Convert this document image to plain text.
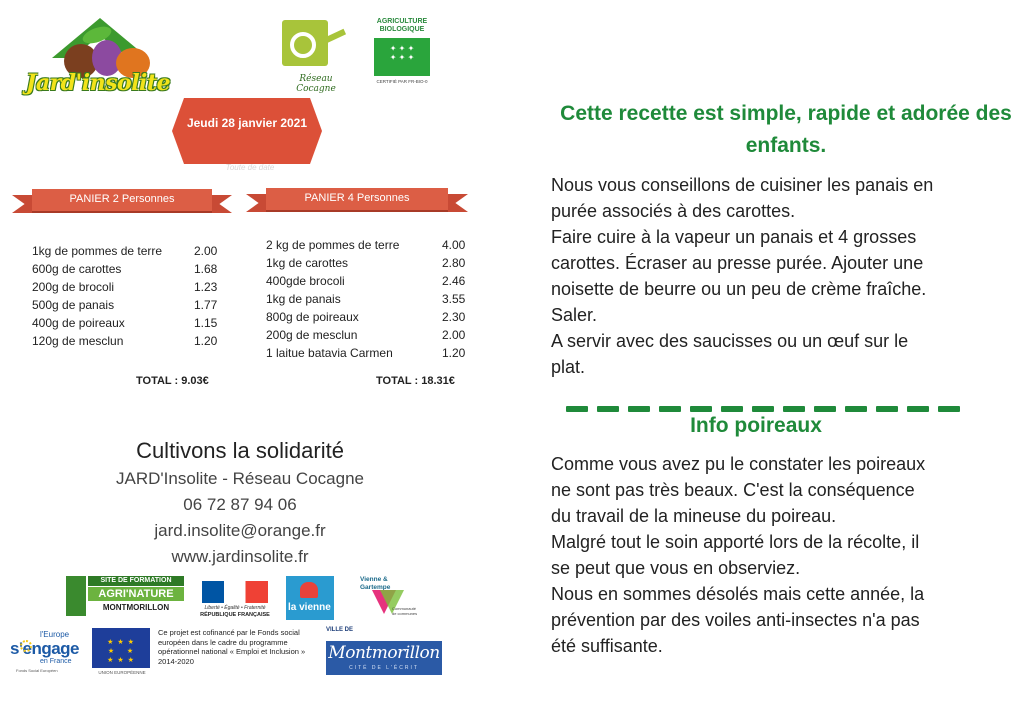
Jard'insolite	Réseau Cocagne
AGRICULTURE BIOLOGIQUE
✦ ✦ ✦
✦ ✦ ✦
CERTIFIÉ PAR FR-BIO-0
Jeudi 28 janvier 2021
Toute de date
PANIER 2 Personnes
1kg de pommes de terre	2.00
600g de carottes	1.68
200g de brocoli	1.23
500g de panais	1.77
400g de poireaux	1.15
120g de mesclun	1.20
TOTAL : 9.03€
PANIER 4 Personnes
2 kg de pommes de terre	4.00
1kg de carottes	2.80
400gde brocoli	2.46
1kg de panais	3.55
800g de poireaux	2.30
200g de mesclun	2.00
1 laitue batavia Carmen	1.20
TOTAL : 18.31€
Cultivons la solidarité
JARD'Insolite - Réseau Cocagne
06 72 87 94 06
jard.insolite@orange.fr
www.jardinsolite.fr
SITE DE FORMATION
AGRI'NATURE
MONTMORILLON	Liberté • Égalité • Fraternité
RÉPUBLIQUE FRANÇAISE
la vienne
Vienne & Gartempe
Communauté de communes
l'Europe
s'engage
en France
Fonds Social Européen
★ ★ ★
★    ★
★ ★ ★
UNION EUROPÉENNE
Ce projet est cofinancé par le Fonds social européen dans le cadre du programme opérationnel national « Emploi et Inclusion » 2014-2020
VILLE DE
Montmorillon
CITÉ DE L'ÉCRIT
Cette recette est simple, rapide et adorée des enfants.
Nous vous conseillons de cuisiner les panais en
purée associés à des carottes.
Faire cuire à la vapeur un panais et 4 grosses
carottes. Écraser au presse purée. Ajouter une
noisette de beurre ou un peu de crème fraîche.
Saler.
A servir avec des saucisses ou un œuf sur le
plat.
Info poireaux
Comme vous avez pu le constater les poireaux
ne sont pas très beaux. C'est la conséquence
du travail de la mineuse du poireau.
Malgré tout le soin apporté lors de la récolte, il
se peut que vous en observiez.
Nous en sommes désolés mais cette année, la
prévention par des voiles anti-insectes n'a pas
été suffisante.
